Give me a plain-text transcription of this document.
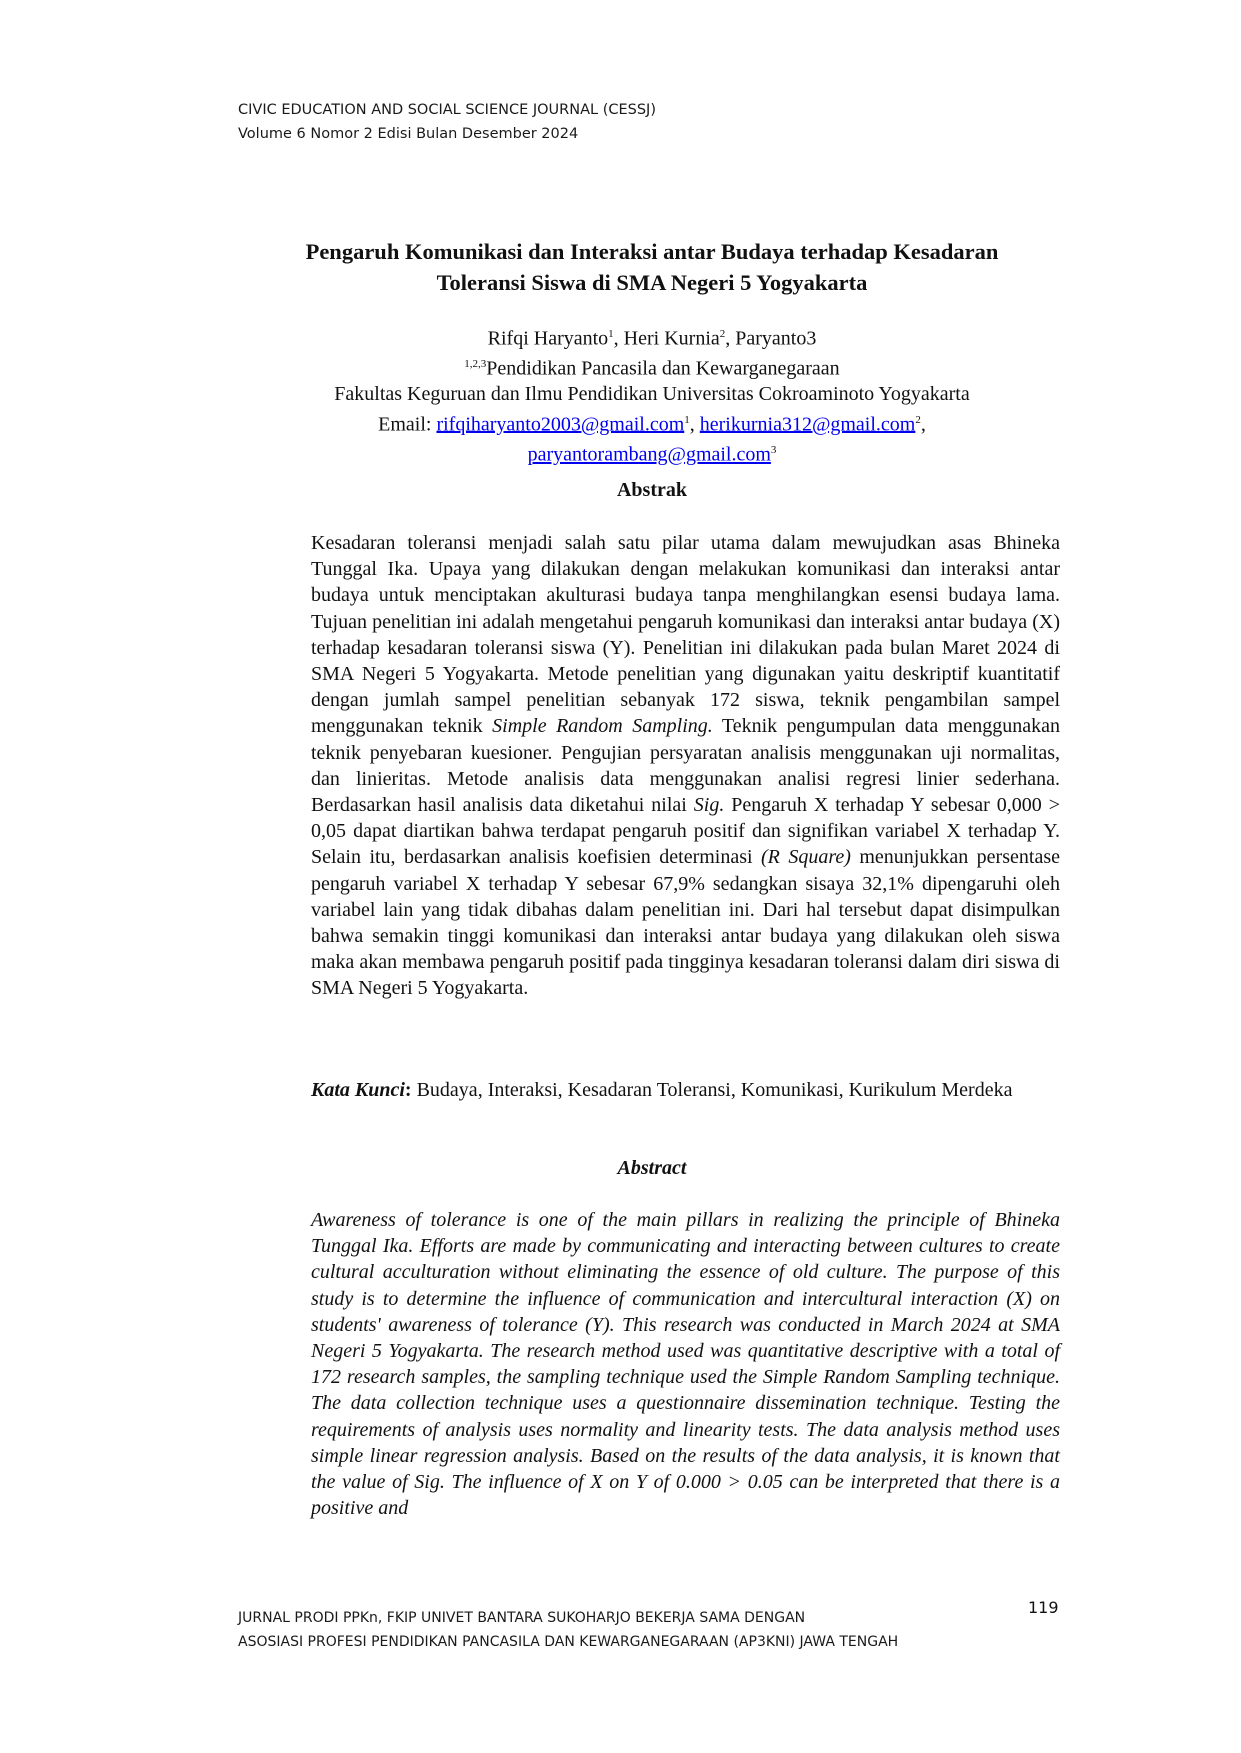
CIVIC EDUCATION AND SOCIAL SCIENCE JOURNAL (CESSJ)
Volume 6 Nomor 2 Edisi Bulan Desember 2024
Pengaruh Komunikasi dan Interaksi antar Budaya terhadap Kesadaran
Toleransi Siswa di SMA Negeri 5 Yogyakarta
Rifqi Haryanto$^1$, Heri Kurnia$^2$, Paryanto3
$^{1,2,3}$Pendidikan Pancasila dan Kewarganegaraan
Fakultas Keguruan dan Ilmu Pendidikan Universitas Cokroaminoto Yogyakarta
Email: rifqiharyanto2003@gmail.com$^1$, herikurnia312@gmail.com$^2$,
paryantorambang@gmail.com$^3$
Abstrak
Kesadaran toleransi menjadi salah satu pilar utama dalam mewujudkan asas Bhineka Tunggal Ika. Upaya yang dilakukan dengan melakukan komunikasi dan interaksi antar budaya untuk menciptakan akulturasi budaya tanpa menghilangkan esensi budaya lama. Tujuan penelitian ini adalah mengetahui pengaruh komunikasi dan interaksi antar budaya (X) terhadap kesadaran toleransi siswa (Y). Penelitian ini dilakukan pada bulan Maret 2024 di SMA Negeri 5 Yogyakarta. Metode penelitian yang digunakan yaitu deskriptif kuantitatif dengan jumlah sampel penelitian sebanyak 172 siswa, teknik pengambilan sampel menggunakan teknik Simple Random Sampling. Teknik pengumpulan data menggunakan teknik penyebaran kuesioner. Pengujian persyaratan analisis menggunakan uji normalitas, dan linieritas. Metode analisis data menggunakan analisi regresi linier sederhana. Berdasarkan hasil analisis data diketahui nilai Sig. Pengaruh X terhadap Y sebesar 0,000 > 0,05 dapat diartikan bahwa terdapat pengaruh positif dan signifikan variabel X terhadap Y. Selain itu, berdasarkan analisis koefisien determinasi (R Square) menunjukkan persentase pengaruh variabel X terhadap Y sebesar 67,9% sedangkan sisaya 32,1% dipengaruhi oleh variabel lain yang tidak dibahas dalam penelitian ini. Dari hal tersebut dapat disimpulkan bahwa semakin tinggi komunikasi dan interaksi antar budaya yang dilakukan oleh siswa maka akan membawa pengaruh positif pada tingginya kesadaran toleransi dalam diri siswa di SMA Negeri 5 Yogyakarta.
Kata Kunci: Budaya, Interaksi, Kesadaran Toleransi, Komunikasi, Kurikulum Merdeka
Abstract
Awareness of tolerance is one of the main pillars in realizing the principle of Bhineka Tunggal Ika. Efforts are made by communicating and interacting between cultures to create cultural acculturation without eliminating the essence of old culture. The purpose of this study is to determine the influence of communication and intercultural interaction (X) on students' awareness of tolerance (Y). This research was conducted in March 2024 at SMA Negeri 5 Yogyakarta. The research method used was quantitative descriptive with a total of 172 research samples, the sampling technique used the Simple Random Sampling technique. The data collection technique uses a questionnaire dissemination technique. Testing the requirements of analysis uses normality and linearity tests. The data analysis method uses simple linear regression analysis. Based on the results of the data analysis, it is known that the value of Sig. The influence of X on Y of 0.000 > 0.05 can be interpreted that there is a positive and
JURNAL PRODI PPKn, FKIP UNIVET BANTARA SUKOHARJO BEKERJA SAMA DENGAN
ASOSIASI PROFESI PENDIDIKAN PANCASILA DAN KEWARGANEGARAAN (AP3KNI) JAWA TENGAH
119
